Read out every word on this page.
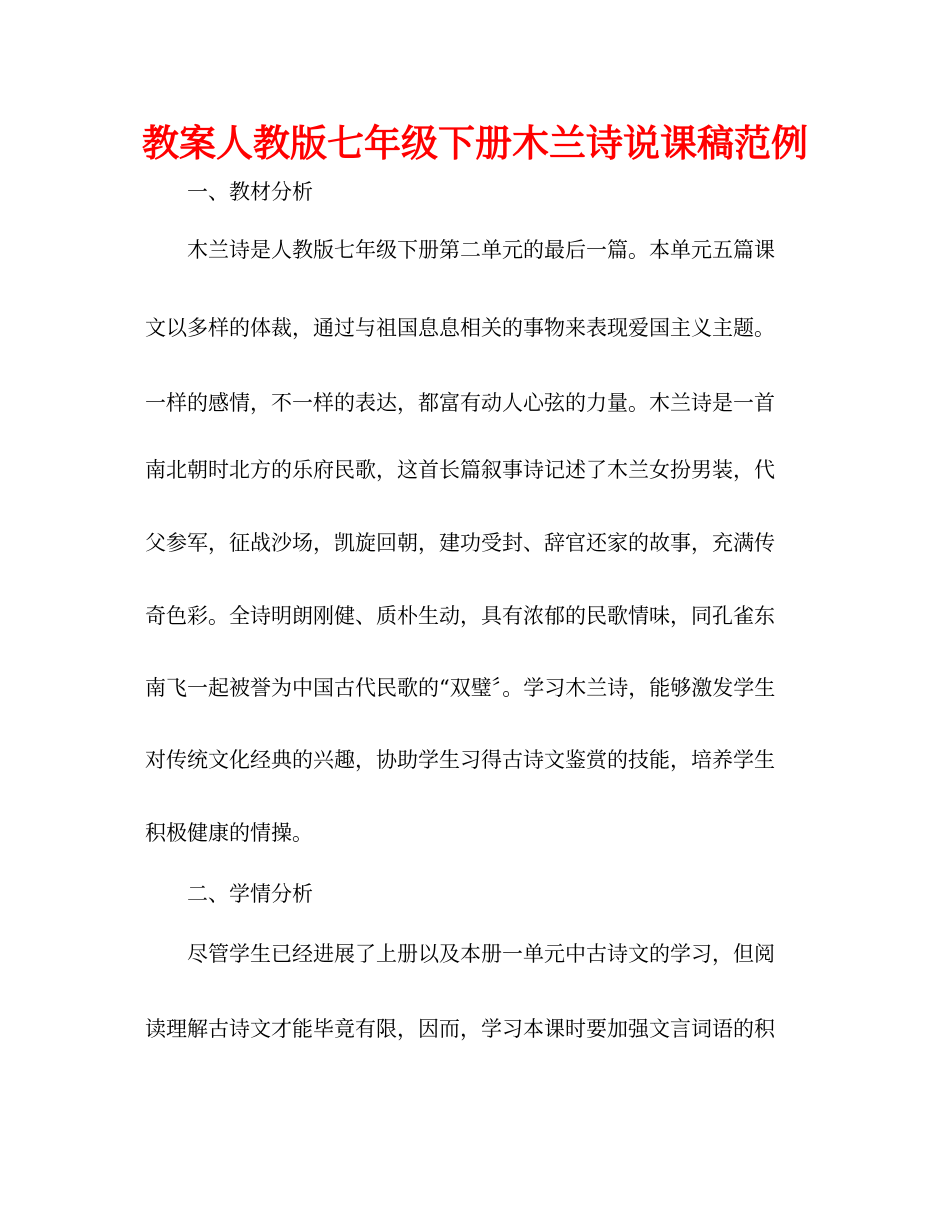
教案人教版七年级下册木兰诗说课稿范例

一、教材分析

木兰诗是人教版七年级下册第二单元的最后一篇。本单元五篇课

文以多样的体裁，通过与祖国息息相关的事物来表现爱国主义主题。

一样的感情，不一样的表达，都富有动人心弦的力量。木兰诗是一首

南北朝时北方的乐府民歌，这首长篇叙事诗记述了木兰女扮男装，代

父参军，征战沙场，凯旋回朝，建功受封、辞官还家的故事，充满传

奇色彩。全诗明朗刚健、质朴生动，具有浓郁的民歌情味，同孔雀东

南飞一起被誉为中国古代民歌的“双璧〞。学习木兰诗，能够激发学生

对传统文化经典的兴趣，协助学生习得古诗文鉴赏的技能，培养学生

积极健康的情操。

二、学情分析

尽管学生已经进展了上册以及本册一单元中古诗文的学习，但阅

读理解古诗文才能毕竟有限，因而，学习本课时要加强文言词语的积
